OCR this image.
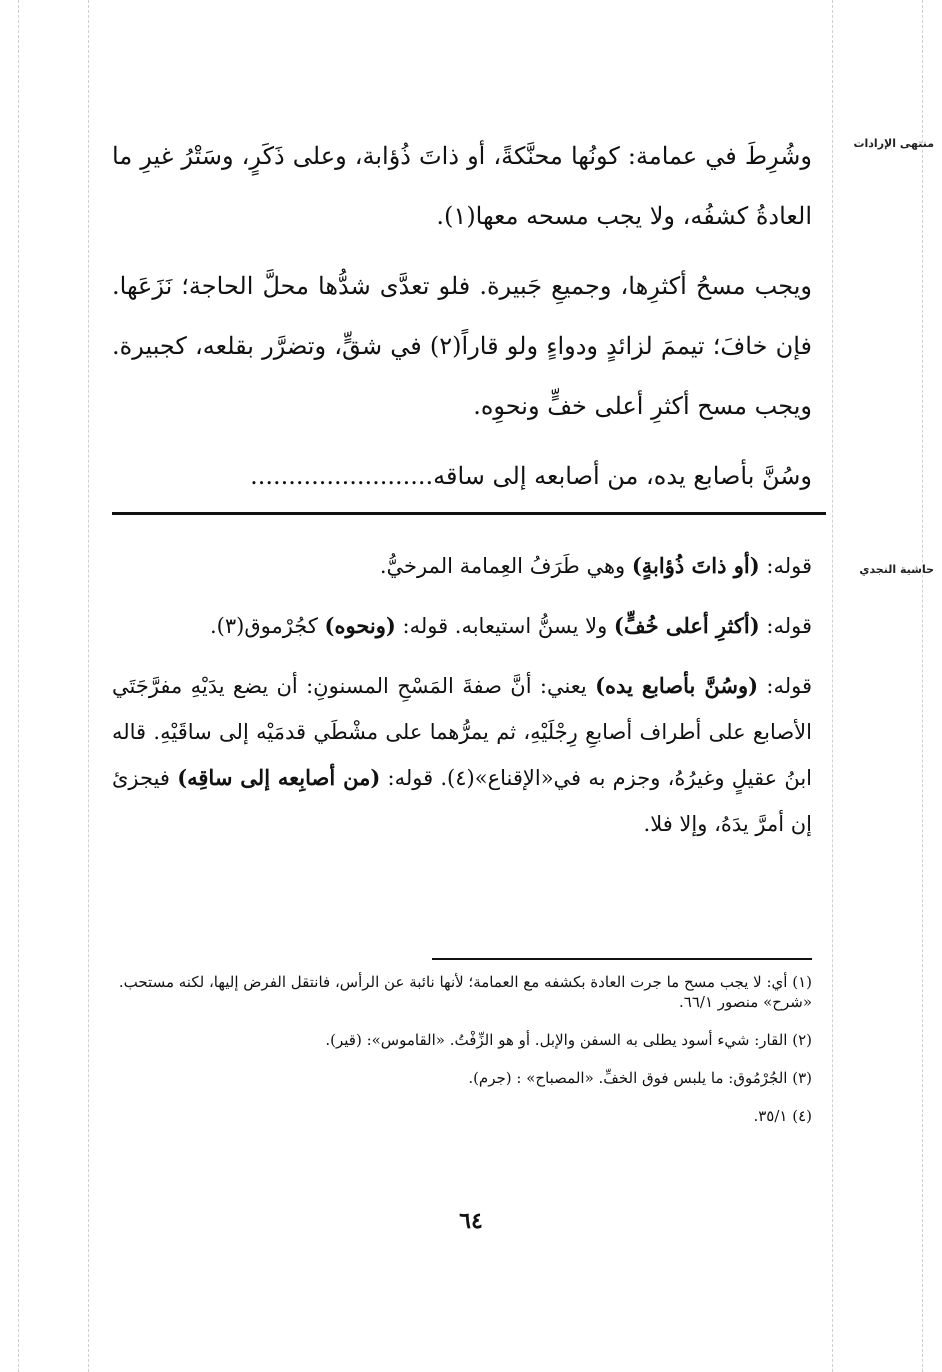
منتهى الإرادات
حاشية النجدي

وشُرِطَ في عمامة: كونُها محنَّكةً، أو ذاتَ ذُؤابة، وعلى ذَكَرٍ، وسَتْرُ غيرِ ما العادةُ كشفُه، ولا يجب مسحه معها(١).

ويجب مسحُ أكثرِها، وجميعِ جَبيرة. فلو تعدَّى شدُّها محلَّ الحاجة؛ نَزَعَها. فإن خافَ؛ تيممَ لزائدٍ ودواءٍ ولو قاراً(٢) في شقٍّ، وتضرَّر بقلعه، كجبيرة. ويجب مسح أكثرِ أعلى خفٍّ ونحوِه.

وسُنَّ بأصابع يده، من أصابعه إلى ساقه........................

قوله: (أو ذاتَ ذُؤابةٍ) وهي طَرَفُ العِمامة المرخيُّ.

قوله: (أكثرِ أعلى خُفٍّ) ولا يسنُّ استيعابه. قوله: (ونحوه) كجُرْموق(٣).

قوله: (وسُنَّ بأصابع يده) يعني: أنَّ صفةَ المَسْحِ المسنونِ: أن يضع يدَيْهِ مفرَّجَتَي الأصابع على أطراف أصابعِ رِجْلَيْهِ، ثم يمرُّهما على مشْطَي قدمَيْه إلى ساقَيْهِ. قاله ابنُ عقيلٍ وغيرُهُ، وجزم به في«الإقناع»(٤). قوله: (من أصابِعه إلى ساقِه) فيجزئ إن أمرَّ يدَهُ، وإلا فلا.

(١) أي: لا يجب مسح ما جرت العادة بكشفه مع العمامة؛ لأنها نائبة عن الرأس، فانتقل الفرض إليها، لكنه مستحب. «شرح» منصور ٦٦/١.

(٢) القار: شيء أسود يطلى به السفن والإبل. أو هو الزِّفْتُ. «القاموس»: (قير).

(٣) الجُرْمُوق: ما يلبس فوق الخفِّ. «المصباح» : (جرم).

(٤) ٣٥/١.

٦٤
